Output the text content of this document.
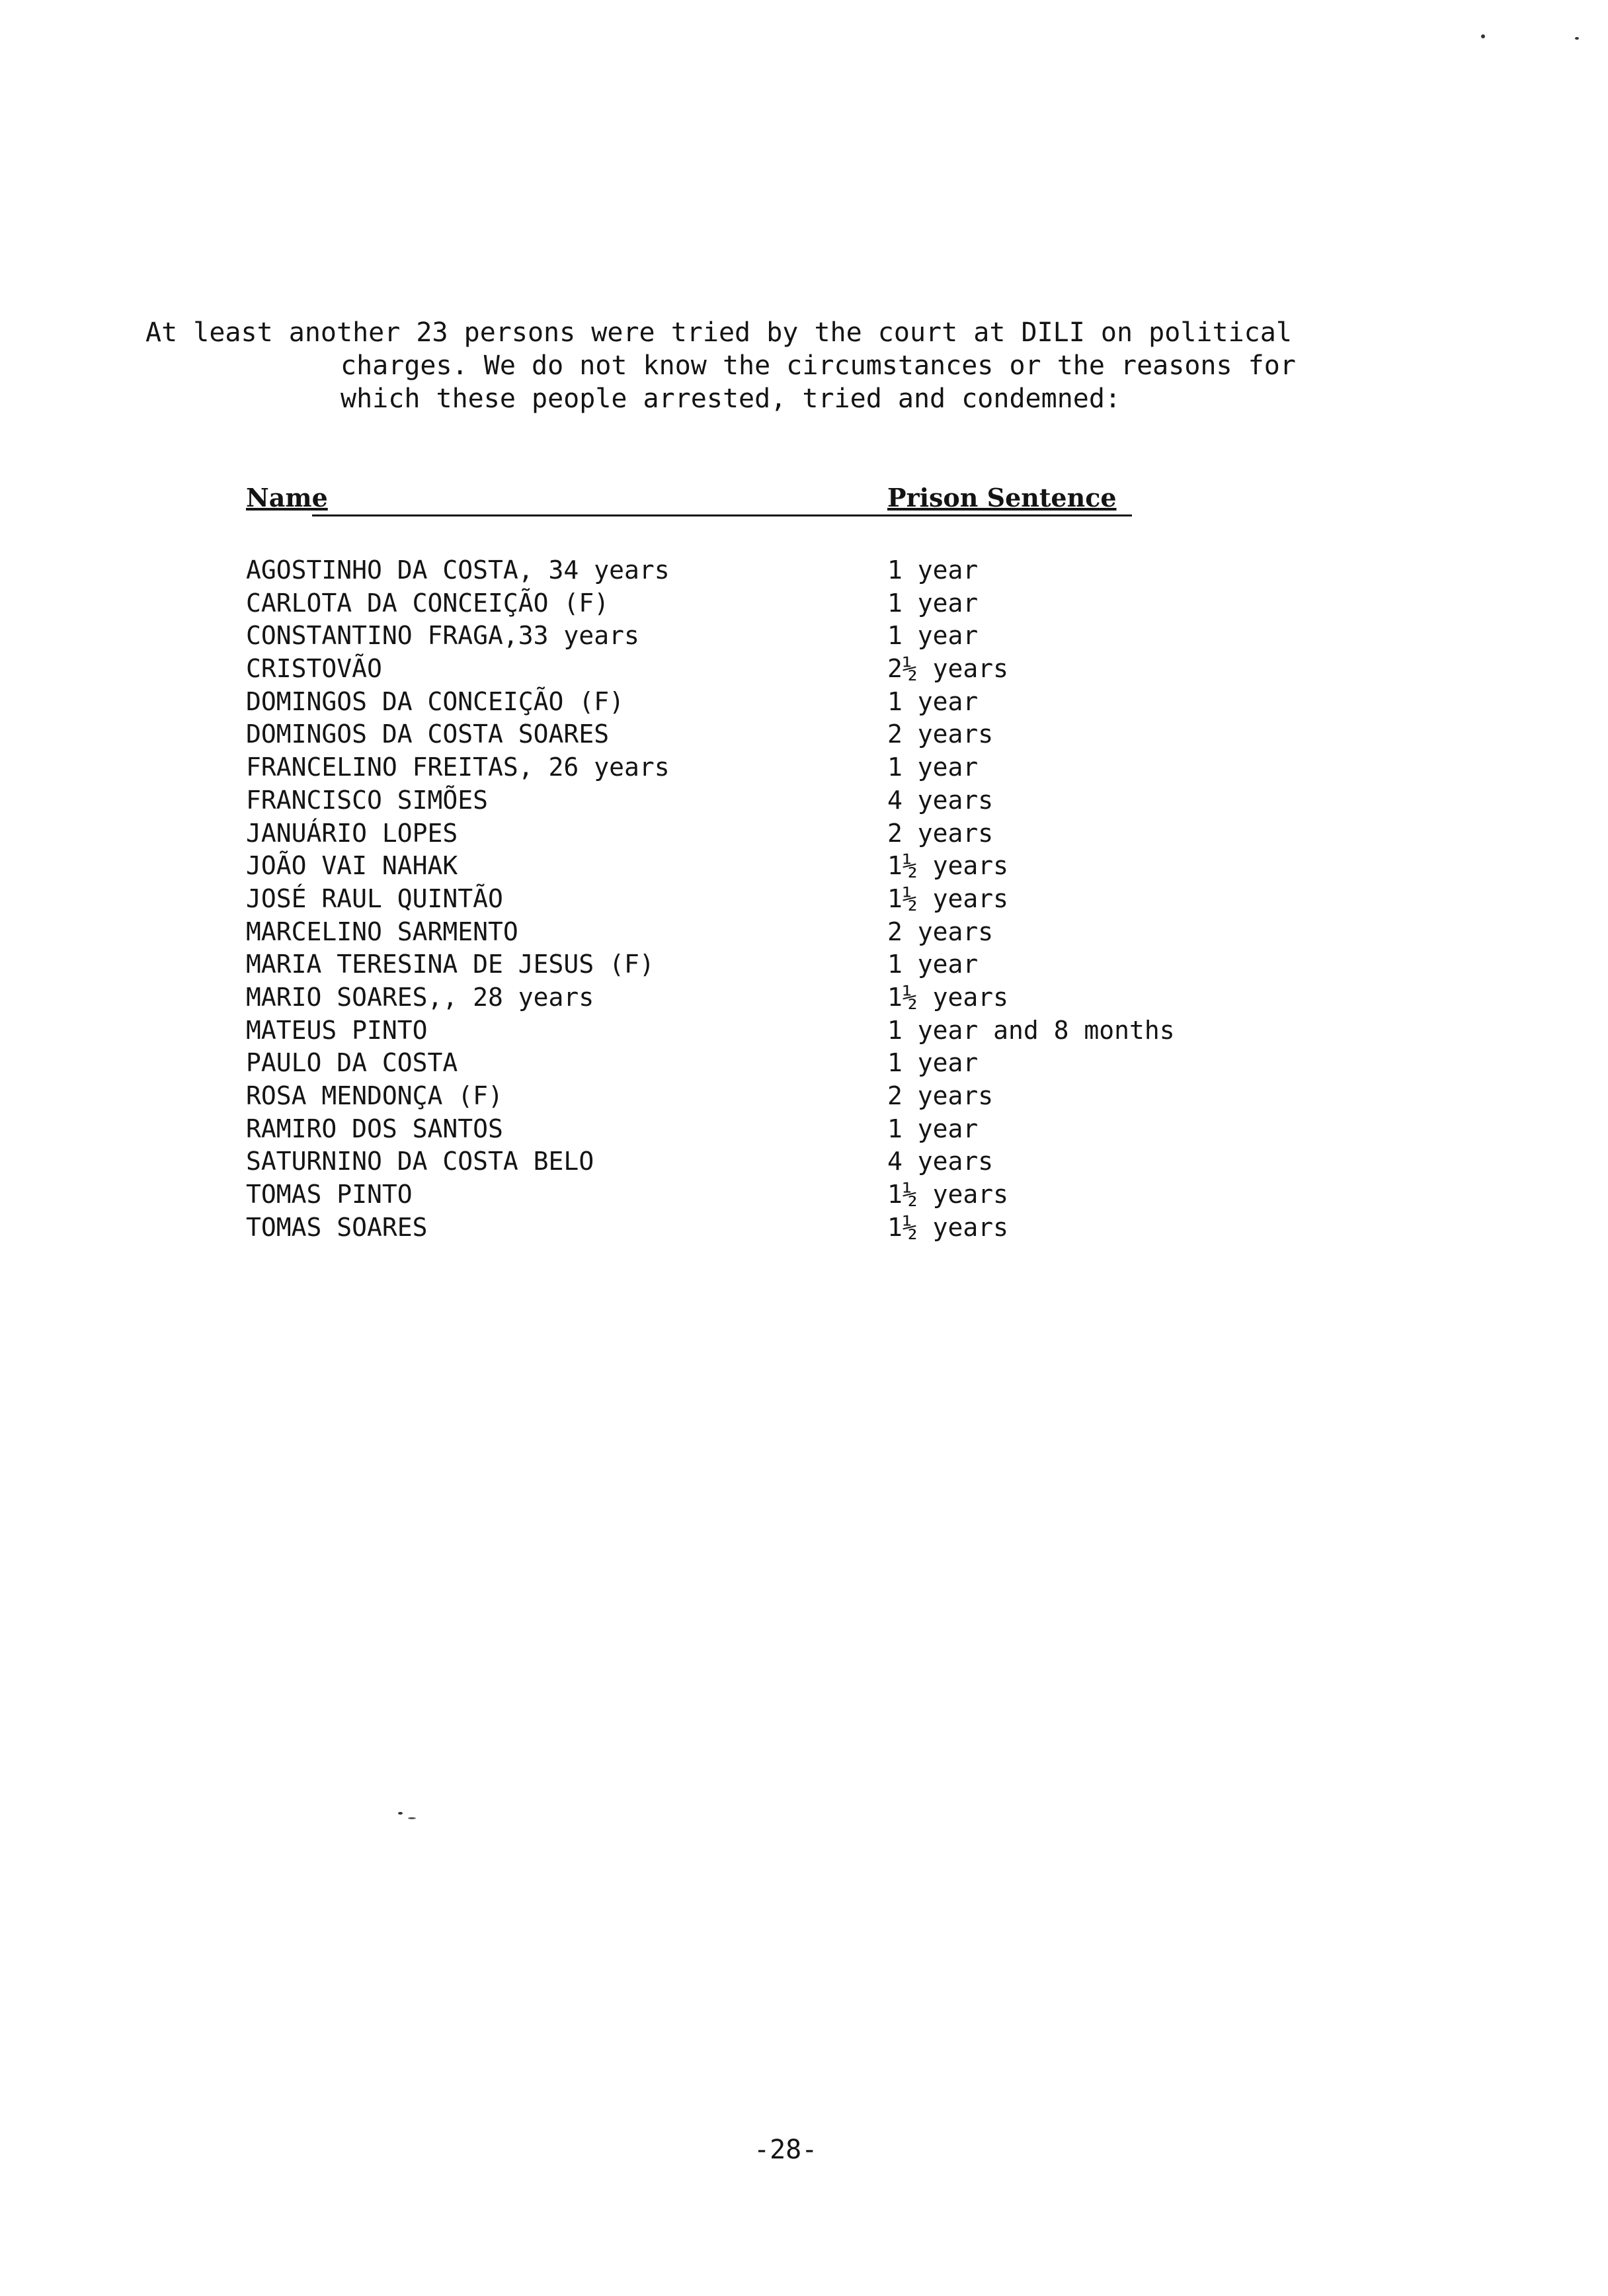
At least another 23 persons were tried by the court at DILI on political
charges. We do not know the circumstances or the reasons for
which these people arrested, tried and condemned:

Name	Prison Sentence
AGOSTINHO DA COSTA, 34 years	1 year
CARLOTA DA CONCEIÇÃO (F)	1 year
CONSTANTINO FRAGA,33 years	1 year
CRISTOVÃO	2½ years
DOMINGOS DA CONCEIÇÃO (F)	1 year
DOMINGOS DA COSTA SOARES	2 years
FRANCELINO FREITAS, 26 years	1 year
FRANCISCO SIMÕES	4 years
JANUÁRIO LOPES	2 years
JOÃO VAI NAHAK	1½ years
JOSÉ RAUL QUINTÃO	1½ years
MARCELINO SARMENTO	2 years
MARIA TERESINA DE JESUS (F)	1 year
MARIO SOARES,, 28 years	1½ years
MATEUS PINTO	1 year and 8 months
PAULO DA COSTA	1 year
ROSA MENDONÇA (F)	2 years
RAMIRO DOS SANTOS	1 year
SATURNINO DA COSTA BELO	4 years
TOMAS PINTO	1½ years
TOMAS SOARES	1½ years
-28-
